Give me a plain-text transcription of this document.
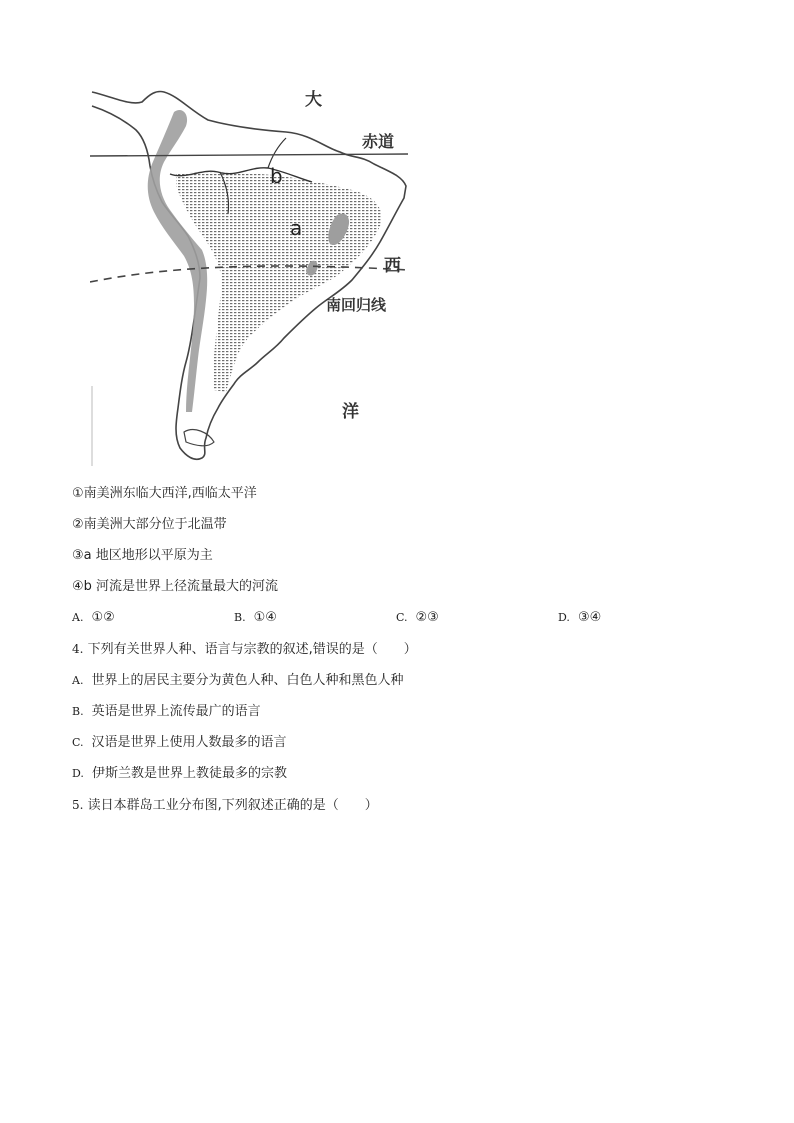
大
赤道
西
南回归线
洋
b
a
①南美洲东临大西洋,西临太平洋
②南美洲大部分位于北温带
③a 地区地形以平原为主
④b 河流是世界上径流量最大的河流
A. ①②	B. ①④	C. ②③	D. ③④
4. 下列有关世界人种、语言与宗教的叙述,错误的是（　　）
A. 世界上的居民主要分为黄色人种、白色人种和黑色人种
B. 英语是世界上流传最广的语言
C. 汉语是世界上使用人数最多的语言
D. 伊斯兰教是世界上教徒最多的宗教
5. 读日本群岛工业分布图,下列叙述正确的是（　　）
